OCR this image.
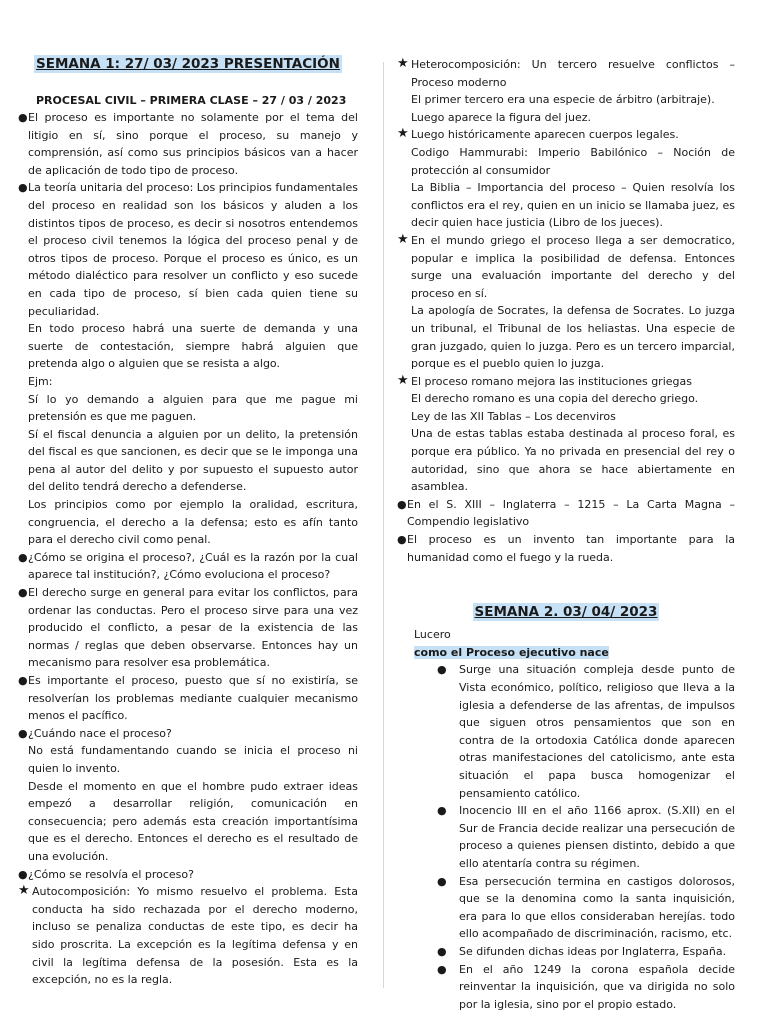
SEMANA 1: 27/ 03/ 2023 PRESENTACIÓN

PROCESAL CIVIL – PRIMERA CLASE – 27 / 03 / 2023

● El proceso es importante no solamente por el tema del litigio en sí, sino porque el proceso, su manejo y comprensión, así como sus principios básicos van a hacer de aplicación de todo tipo de proceso.

● La teoría unitaria del proceso: Los principios fundamentales del proceso en realidad son los básicos y aluden a los distintos tipos de proceso, es decir si nosotros entendemos el proceso civil tenemos la lógica del proceso penal y de otros tipos de proceso. Porque el proceso es único, es un método dialéctico para resolver un conflicto y eso sucede en cada tipo de proceso, sí bien cada quien tiene su peculiaridad.

En todo proceso habrá una suerte de demanda y una suerte de contestación, siempre habrá alguien que pretenda algo o alguien que se resista a algo.

Ejm:

Sí lo yo demando a alguien para que me pague mi pretensión es que me paguen.

Sí el fiscal denuncia a alguien por un delito, la pretensión del fiscal es que sancionen, es decir que se le imponga una pena al autor del delito y por supuesto el supuesto autor del delito tendrá derecho a defenderse.

Los principios como por ejemplo la oralidad, escritura, congruencia, el derecho a la defensa; esto es afín tanto para el derecho civil como penal.

● ¿Cómo se origina el proceso?, ¿Cuál es la razón por la cual aparece tal institución?, ¿Cómo evoluciona el proceso?

● El derecho surge en general para evitar los conflictos, para ordenar las conductas. Pero el proceso sirve para una vez producido el conflicto, a pesar de la existencia de las normas / reglas que deben observarse. Entonces hay un mecanismo para resolver esa problemática.

● Es importante el proceso, puesto que sí no existiría, se resolverían los problemas mediante cualquier mecanismo menos el pacífico.

● ¿Cuándo nace el proceso?

No está fundamentando cuando se inicia el proceso ni quien lo invento.

Desde el momento en que el hombre pudo extraer ideas empezó a desarrollar religión, comunicación en consecuencia; pero además esta creación importantísima que es el derecho. Entonces el derecho es el resultado de una evolución.

● ¿Cómo se resolvía el proceso?

★ Autocomposición: Yo mismo resuelvo el problema. Esta conducta ha sido rechazada por el derecho moderno, incluso se penaliza conductas de este tipo, es decir ha sido proscrita. La excepción es la legítima defensa y en civil la legítima defensa de la posesión. Esta es la excepción, no es la regla.

★ Heterocomposición: Un tercero resuelve conflictos – Proceso moderno

El primer tercero era una especie de árbitro (arbitraje).

Luego aparece la figura del juez.

★ Luego históricamente aparecen cuerpos legales.

Codigo Hammurabi: Imperio Babilónico – Noción de protección al consumidor

La Biblia – Importancia del proceso – Quien resolvía los conflictos era el rey, quien en un inicio se llamaba juez, es decir quien hace justicia (Libro de los jueces).

★ En el mundo griego el proceso llega a ser democratico, popular e implica la posibilidad de defensa. Entonces surge una evaluación importante del derecho y del proceso en sí.

La apología de Socrates, la defensa de Socrates. Lo juzga un tribunal, el Tribunal de los heliastas. Una especie de gran juzgado, quien lo juzga. Pero es un tercero imparcial, porque es el pueblo quien lo juzga.

★ El proceso romano mejora las instituciones griegas

El derecho romano es una copia del derecho griego.

Ley de las XII Tablas – Los decenviros

Una de estas tablas estaba destinada al proceso foral, es porque era público. Ya no privada en presencial del rey o autoridad, sino que ahora se hace abiertamente en asamblea.

● En el S. XIII – Inglaterra – 1215 – La Carta Magna – Compendio legislativo

● El proceso es un invento tan importante para la humanidad como el fuego y la rueda.

SEMANA 2. 03/ 04/ 2023

Lucero

como el Proceso ejecutivo nace

● Surge una situación compleja desde punto de Vista económico, político, religioso que lleva a la iglesia a defenderse de las afrentas, de impulsos que siguen otros pensamientos que son en contra de la ortodoxia Católica donde aparecen otras manifestaciones del catolicismo, ante esta situación el papa busca homogenizar el pensamiento católico.
● Inocencio III en el año 1166 aprox. (S.XII) en el Sur de Francia decide realizar una persecución de proceso a quienes piensen distinto, debido a que ello atentaría contra su régimen.
● Esa persecución termina en castigos dolorosos, que se la denomina como la santa inquisición, era para lo que ellos consideraban herejías. todo ello acompañado de discriminación, racismo, etc.
● Se difunden dichas ideas por Inglaterra, España.
● En el año 1249 la corona española decide reinventar la inquisición, que va dirigida no solo por la iglesia, sino por el propio estado.
